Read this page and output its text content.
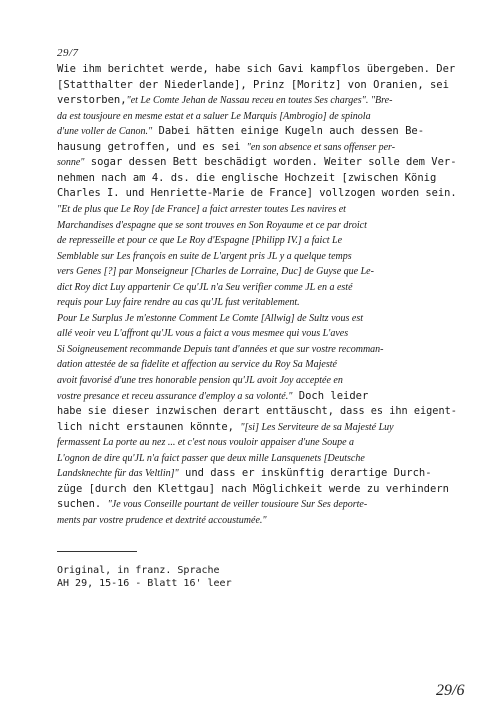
29/7
Wie ihm berichtet werde, habe sich Gavi kampflos übergeben. Der
[Statthalter der Niederlande], Prinz [Moritz] von Oranien, sei
verstorben,"et Le Comte Jehan de Nassau receu en toutes Ses charges". "Bre-
da est tousjoure en mesme estat et a saluer Le Marquis [Ambrogio] de spinola
d'une voller de Canon." Dabei hätten einige Kugeln auch dessen Be-
hausung getroffen, und es sei "en son absence et sans offenser per-
sonne" sogar dessen Bett beschädigt worden. Weiter solle dem Ver-
nehmen nach am 4. ds. die englische Hochzeit [zwischen König
Charles I. und Henriette-Marie de France] vollzogen worden sein.
"Et de plus que Le Roy [de France] a faict arrester toutes Les navires et
Marchandises d'espagne que se sont trouves en Son Royaume et ce par droict
de represseille et pour ce que Le Roy d'Espagne [Philipp IV.] a faict Le
Semblable sur Les françois en suite de L'argent pris JL y a quelque temps
vers Genes [?] par Monseigneur [Charles de Lorraine, Duc] de Guyse que Le-
dict Roy dict Luy appartenir Ce qu'JL n'a Seu verifier comme JL en a esté
requis pour Luy faire rendre au cas qu'JL fust veritablement.
Pour Le Surplus Je m'estonne Comment Le Comte [Allwig] de Sultz vous est
allé veoir veu L'affront qu'JL vous a faict a vous mesmee qui vous L'aves
Si Soigneusement recommande Depuis tant d'années et que sur vostre recomman-
dation attestée de sa fidelite et affection au service du Roy Sa Majesté
avoit favorisé d'une tres honorable pension qu'JL avoit Joy acceptée en
vostre presance et receu assurance d'employ a sa volonté." Doch leider
habe sie dieser inzwischen derart enttäuscht, dass es ihn eigent-
lich nicht erstaunen könnte, "[si] Les Serviteure de sa Majesté Luy
fermassent La porte au nez ... et c'est nous vouloir appaiser d'une Soupe a
L'ognon de dire qu'JL n'a faict passer que deux mille Lansquenets [Deutsche
Landsknechte für das Veltlin]" und dass er inskünftig derartige Durch-
züge [durch den Klettgau] nach Möglichkeit werde zu verhindern
suchen. "Je vous Conseille pourtant de veiller tousioure Sur Ses deporte-
ments par vostre prudence et dextrité accoustumée."
Original, in franz. Sprache
AH 29, 15-16 - Blatt 16' leer
29/6
